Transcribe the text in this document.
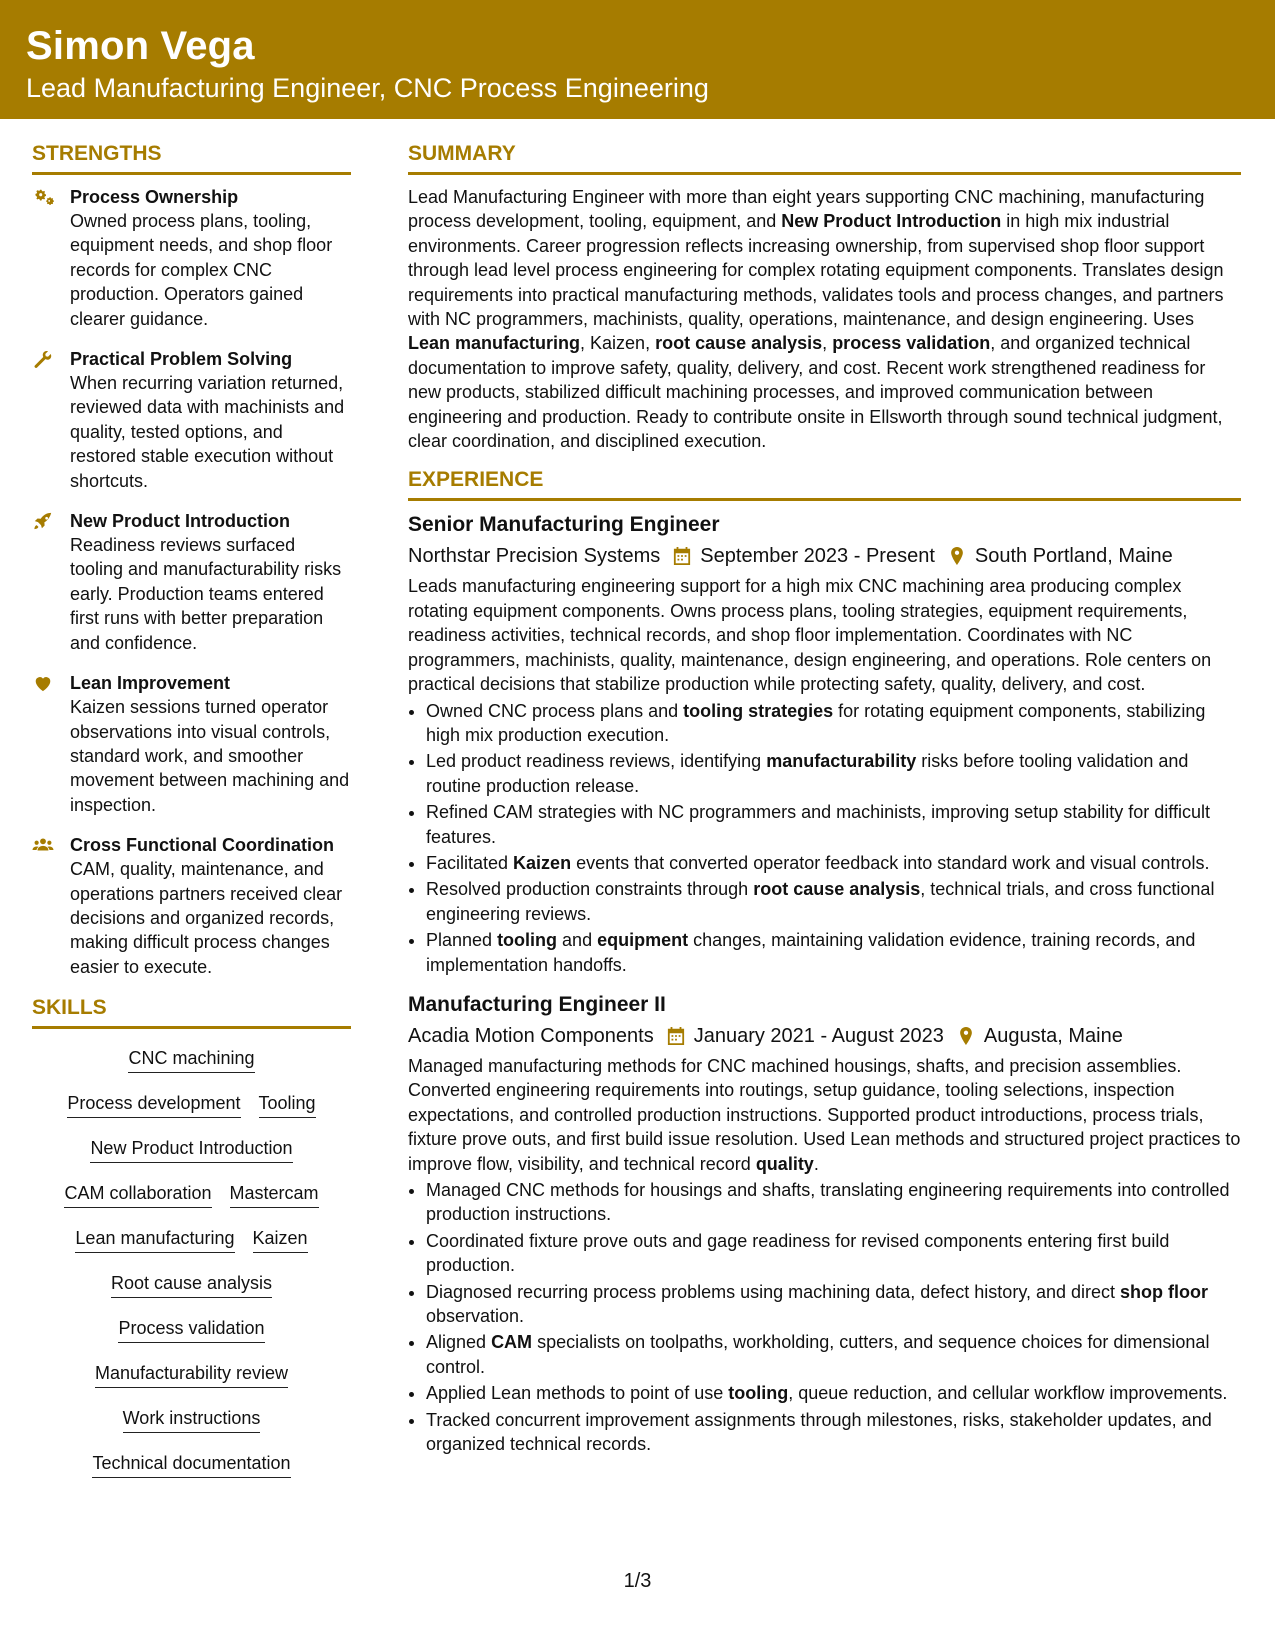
Simon Vega
Lead Manufacturing Engineer, CNC Process Engineering
(207) 555-1846 simon.vega@example.com linkedin.com/example/simonvega Portland, ME 04103
STRENGTHS
Process Ownership
Owned process plans, tooling, equipment needs, and shop floor records for complex CNC production. Operators gained clearer guidance.
Practical Problem Solving
When recurring variation returned, reviewed data with machinists and quality, tested options, and restored stable execution without shortcuts.
New Product Introduction
Readiness reviews surfaced tooling and manufacturability risks early. Production teams entered first runs with better preparation and confidence.
Lean Improvement
Kaizen sessions turned operator observations into visual controls, standard work, and smoother movement between machining and inspection.
Cross Functional Coordination
CAM, quality, maintenance, and operations partners received clear decisions and organized records, making difficult process changes easier to execute.
SKILLS
CNC machining
Process development Tooling
New Product Introduction
CAM collaboration Mastercam
Lean manufacturing Kaizen
Root cause analysis
Process validation
Manufacturability review
Work instructions
Technical documentation
SUMMARY
Lead Manufacturing Engineer with more than eight years supporting CNC machining, manufacturing process development, tooling, equipment, and New Product Introduction in high mix industrial environments. Career progression reflects increasing ownership, from supervised shop floor support through lead level process engineering for complex rotating equipment components. Translates design requirements into practical manufacturing methods, validates tools and process changes, and partners with NC programmers, machinists, quality, operations, maintenance, and design engineering. Uses Lean manufacturing, Kaizen, root cause analysis, process validation, and organized technical documentation to improve safety, quality, delivery, and cost. Recent work strengthened readiness for new products, stabilized difficult machining processes, and improved communication between engineering and production. Ready to contribute onsite in Ellsworth through sound technical judgment, clear coordination, and disciplined execution.
EXPERIENCE
Senior Manufacturing Engineer
Northstar Precision Systems September 2023 - Present South Portland, Maine
Leads manufacturing engineering support for a high mix CNC machining area producing complex rotating equipment components. Owns process plans, tooling strategies, equipment requirements, readiness activities, technical records, and shop floor implementation. Coordinates with NC programmers, machinists, quality, maintenance, design engineering, and operations. Role centers on practical decisions that stabilize production while protecting safety, quality, delivery, and cost.
• Owned CNC process plans and tooling strategies for rotating equipment components, stabilizing high mix production execution.
• Led product readiness reviews, identifying manufacturability risks before tooling validation and routine production release.
• Refined CAM strategies with NC programmers and machinists, improving setup stability for difficult features.
• Facilitated Kaizen events that converted operator feedback into standard work and visual controls.
• Resolved production constraints through root cause analysis, technical trials, and cross functional engineering reviews.
• Planned tooling and equipment changes, maintaining validation evidence, training records, and implementation handoffs.
Manufacturing Engineer II
Acadia Motion Components January 2021 - August 2023 Augusta, Maine
Managed manufacturing methods for CNC machined housings, shafts, and precision assemblies. Converted engineering requirements into routings, setup guidance, tooling selections, inspection expectations, and controlled production instructions. Supported product introductions, process trials, fixture prove outs, and first build issue resolution. Used Lean methods and structured project practices to improve flow, visibility, and technical record quality.
• Managed CNC methods for housings and shafts, translating engineering requirements into controlled production instructions.
• Coordinated fixture prove outs and gage readiness for revised components entering first build production.
• Diagnosed recurring process problems using machining data, defect history, and direct shop floor observation.
• Aligned CAM specialists on toolpaths, workholding, cutters, and sequence choices for dimensional control.
• Applied Lean methods to point of use tooling, queue reduction, and cellular workflow improvements.
• Tracked concurrent improvement assignments through milestones, risks, stakeholder updates, and organized technical records.
1/3
